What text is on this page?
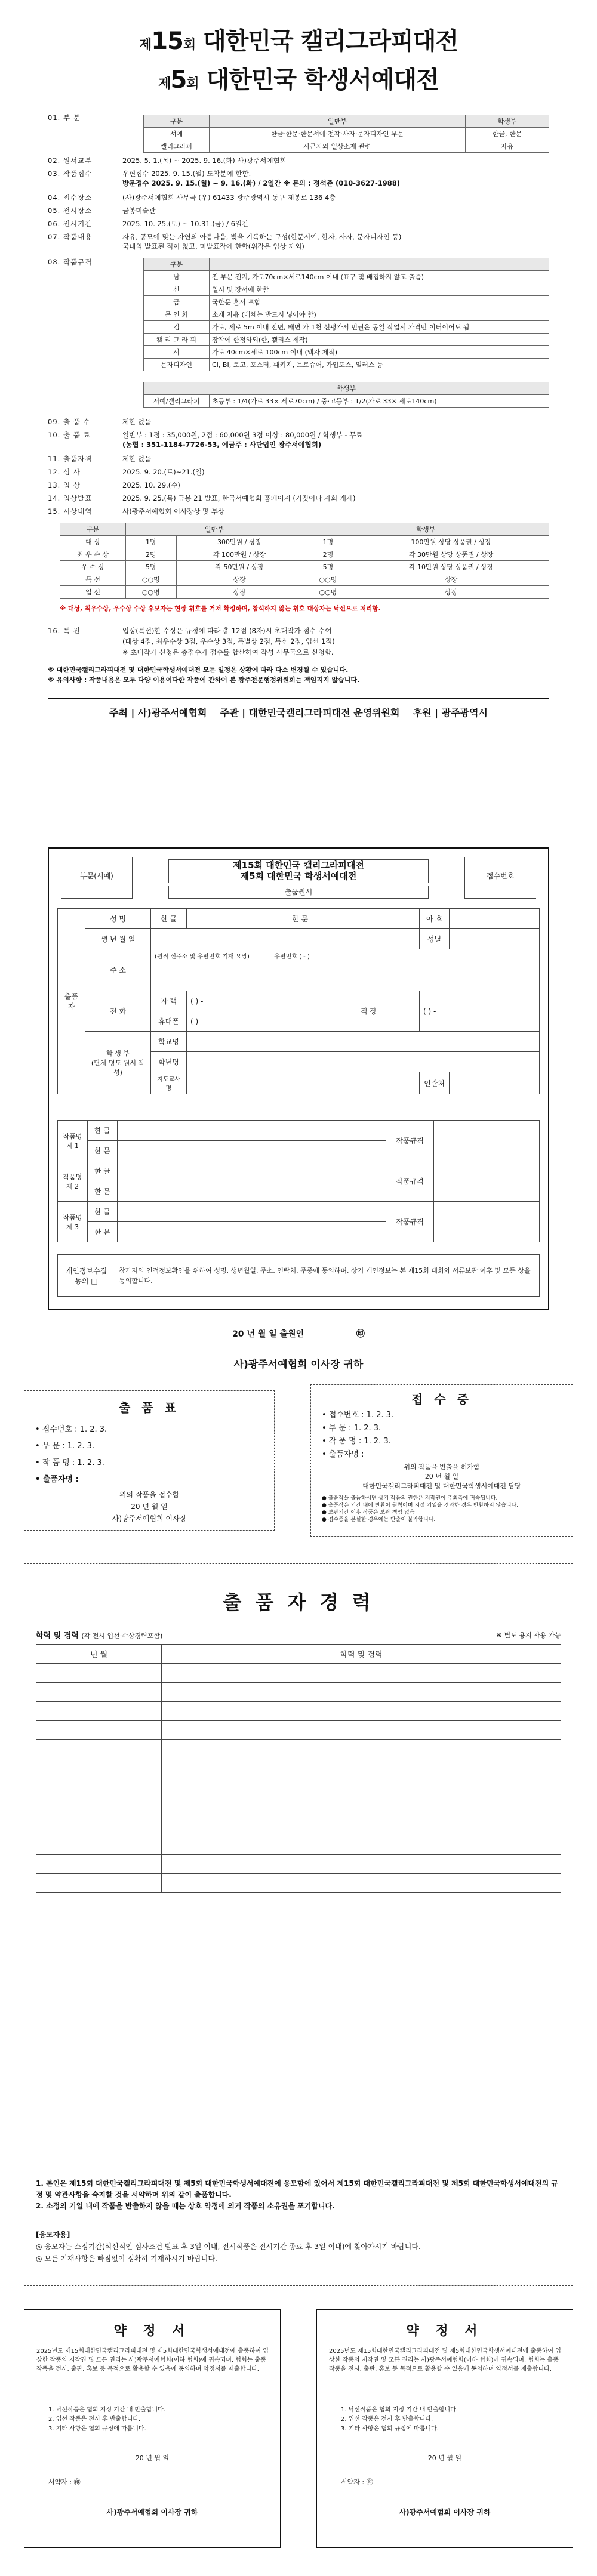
제15회 대한민국 캘리그라피대전
제5회 대한민국 학생서예대전
01. 부 분	구분	일반부	학생부
서예	한글·한문·한문서예·전각·사자·문자디자인 부문	한글, 한문
캘리그라피	사군자와 일상소재 관련	자유
02. 원서교부	2025. 5. 1.(목) ~ 2025. 9. 16.(화) 사)광주서예협회
03. 작품접수	우편접수 2025. 9. 15.(월) 도착분에 한함.
방문접수 2025. 9. 15.(월) ~ 9. 16.(화) / 2일간 ※ 문의 : 정석준 (010-3627-1988)
04. 접수장소	(사)광주서예협회 사무국 (우) 61433 광주광역시 동구 제봉로 136 4층
05. 전시장소	금봉미술관
06. 전시기간	2025. 10. 25.(토) ~ 10.31.(금) / 6일간
07. 작품내용	자유, 공모에 맞는 자연의 아름다움, 빛을 기록하는 구성(한문서예, 한자, 사자, 문자디자인 등)
국내의 발표된 적이 없고, 미발표작에 한함(위작은 입상 제외)
08. 작품규격	구분	
남	전 부문 전지, 가로70cm×세로140cm 이내 (표구 및 배접하지 않고 출품)
신	일시 및 장서에 한함
금	국한문 혼서 포함
문 인 화	소재 자유 (배채는 반드시 넣어야 함)
검	가로, 세로 5m 이내 전면, 배면 가 1천 선평가서 민권은 동일 작업서 가격만 이터이어도 됨
캘 리 그 라 피	장작에 한정하되(한, 캘리스 제작)
서	가로 40cm×세로 100cm 이내 (액자 제작)
문자디자인	CI, BI, 로고, 포스터, 패키지, 브로슈어, 가입포스, 일러스 등
학생부
서예/캘리그라피	초등부 : 1/4(가로 33× 세로70cm) / 중·고등부 : 1/2(가로 33× 세로140cm)
09. 출 품 수	제한 없음
10. 출 품 료	일반부 : 1점 : 35,000원, 2점 : 60,000원 3점 이상 : 80,000원 / 학생부 - 무료
(농협 : 351-1184-7726-53, 예금주 : 사단법인 광주서예협회)
11. 출품자격	제한 없음
12. 심 사	2025. 9. 20.(토)~21.(일)
13. 입 상	2025. 10. 29.(수)
14. 입상발표	2025. 9. 25.(목) 금봉 21 발표, 한국서예협회 홈페이지 (거짓이나 자회 게재)
15. 시상내역	사)광주서예협회 이사장상 및 부상
구분	일반부		학생부	
대 상	1명	300만원 / 상장	1명	100만원 상당 상품권 / 상장
최 우 수 상	2명	각 100만원 / 상장	2명	각 30만원 상당 상품권 / 상장
우 수 상	5명	각 50만원 / 상장	5명	각 10만원 상당 상품권 / 상장
특 선	○○명	상장	○○명	상장
입 선	○○명	상장	○○명	상장
※ 대상, 최우수상, 우수상 수상 후보자는 현장 휘호를 거쳐 확정하며, 참석하지 않는 휘호 대상자는 낙선으로 처리함.
16. 특 전	입상(특선)한 수상은 규정에 따라 총 12점 (8자)시 초대작가 점수 수여
(대상 4점, 최우수상 3점, 우수상 3점, 특별상 2점, 특선 2점, 입선 1점)
※ 초대작가 신청은 총점수가 점수를 합산하여 작성 사무국으로 신청함.
※ 대한민국캘리그라피대전 및 대한민국학생서예대전 모든 일정은 상황에 따라 다소 변경될 수 있습니다.
※ 유의사항 : 작품내용은 모두 다양 이용이다한 작품에 관하여 본 광주전문행정위원회는 책임지지 않습니다.
주최 | 사)광주서예협회 주관 | 대한민국캘리그라피대전 운영위원회 후원 | 광주광역시
부문(서예)	접수번호
제15회 대한민국 캘리그라피대전
제5회 대한민국 학생서예대전
출품원서
출품자	성 명	한 글		한 문		아 호	
	생 년 월 일					성별	
	주 소	(원직 신주소 및 우편번호 기재 요망) 우편번호 ( - )					
	전 화	자 택	( ) -		직 장	( ) -	
		휴대폰	( ) -				

	학 생 부
(단체 명도 원서 작성)	학교명					
		학년명					
		지도교사명				인란처	
작품명제 1	한 글		작품규격	
	한 문			
작품명제 2	한 글		작품규격	
	한 문			
작품명제 3	한 글		작품규격	
	한 문			
개인정보수집 동의 □	참가자의 인적정보확인을 위하여 성명, 생년월일, 주소, 연락처, 주중에 동의하며, 상기 개인정보는 본 제15회 대회와 서류보관 이후 및 모든 상을 동의합니다.
20 년 월 일 출원인	㊞
사)광주서예협회 이사장 귀하
출 품 표
• 접수번호 : 1. 2. 3.
• 부 문 : 1. 2. 3.
• 작 품 명 : 1. 2. 3.
• 출품자명 :
위의 작품을 접수함
20 년 월 일
사)광주서예협회 이사장
접 수 증
• 접수번호 : 1. 2. 3.
• 부 문 : 1. 2. 3.
• 작 품 명 : 1. 2. 3.
• 출품자명 :
위의 작품을 반출을 허가함
20 년 월 일
대한민국캘리그라피대전 및 대한민국학생서예대전 담당
● 출품작을 출품하시면 상기 작품의 권한은 저작권이 주최측에 귀속됩니다.
● 출품작은 기간 내에 반환이 원칙이며 지정 기일을 경과한 경우 반환하지 않습니다.
● 보관기간 이후 작품은 보관 책임 없음
● 접수증을 분실한 경우에는 반출이 불가합니다.
출 품 자 경 력
학력 및 경력 (각 전시 입선·수상경력포함)	※ 별도 용지 사용 가능
년 월	학력 및 경력

1. 본인은 제15회 대한민국캘리그라피대전 및 제5회 대한민국학생서예대전에 응모함에 있어서 제15회 대한민국캘리그라피대전 및 제5회 대한민국학생서예대전의 규정 및 약관사항을 숙지할 것을 서약하며 위의 같이 출품합니다.
2. 소정의 기일 내에 작품을 반출하지 않을 때는 상호 약정에 의거 작품의 소유권을 포기합니다.
[응모자용]
◎ 응모자는 소정기간(석선적인 심사조건 발표 후 3일 이내, 전시작품은 전시기간 종료 후 3일 이내)에 찾아가시기 바랍니다.
◎ 모든 기재사항은 빠짐없이 정확히 기재하시기 바랍니다.
약 정 서
2025년도 제15회대한민국캘리그라피대전 및 제5회대한민국학생서예대전에 출품하여 입상한 작품의 저작권 및 모든 권리는 사)광주서예협회(이하 협회)에 귀속되며, 협회는 출품 작품을 전시, 출판, 홍보 등 목적으로 활용할 수 있음에 동의하며 약정서를 제출합니다.
1. 낙선작품은 협회 지정 기간 내 반출합니다.
2. 입선 작품은 전시 후 반출합니다.
3. 기타 사항은 협회 규정에 따릅니다.
20 년 월 일
서약자 : ㊞
사)광주서예협회 이사장 귀하
약 정 서
2025년도 제15회대한민국캘리그라피대전 및 제5회대한민국학생서예대전에 출품하여 입상한 작품의 저작권 및 모든 권리는 사)광주서예협회(이하 협회)에 귀속되며, 협회는 출품 작품을 전시, 출판, 홍보 등 목적으로 활용할 수 있음에 동의하며 약정서를 제출합니다.
1. 낙선작품은 협회 지정 기간 내 반출합니다.
2. 입선 작품은 전시 후 반출합니다.
3. 기타 사항은 협회 규정에 따릅니다.
20 년 월 일
서약자 : ㊞
사)광주서예협회 이사장 귀하
